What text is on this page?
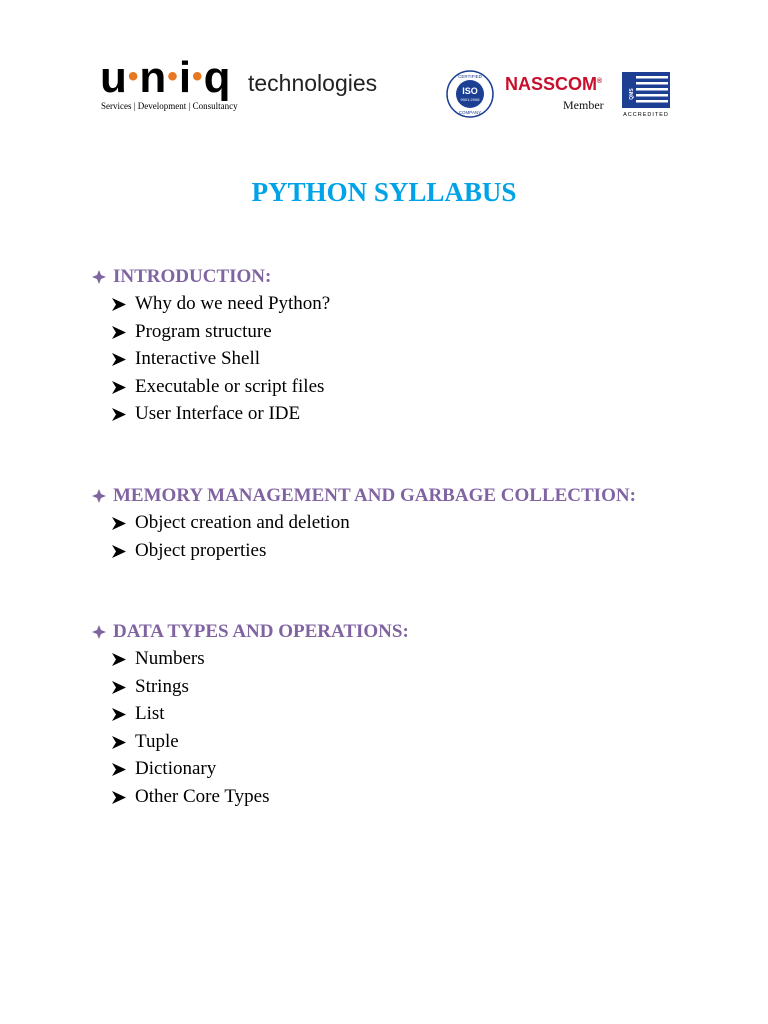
u•n•i•q technologies
Services | Development | Consultancy
ISO
9001:2008
CERTIFIED
COMPANY
NASSCOM®
Member
QMS
ACCREDITED
PYTHON SYLLABUS
INTRODUCTION:
Why do we need Python?
Program structure
Interactive Shell
Executable or script files
User Interface or IDE
MEMORY MANAGEMENT AND GARBAGE COLLECTION:
Object creation and deletion
Object properties
DATA TYPES AND OPERATIONS:
Numbers
Strings
List
Tuple
Dictionary
Other Core Types
